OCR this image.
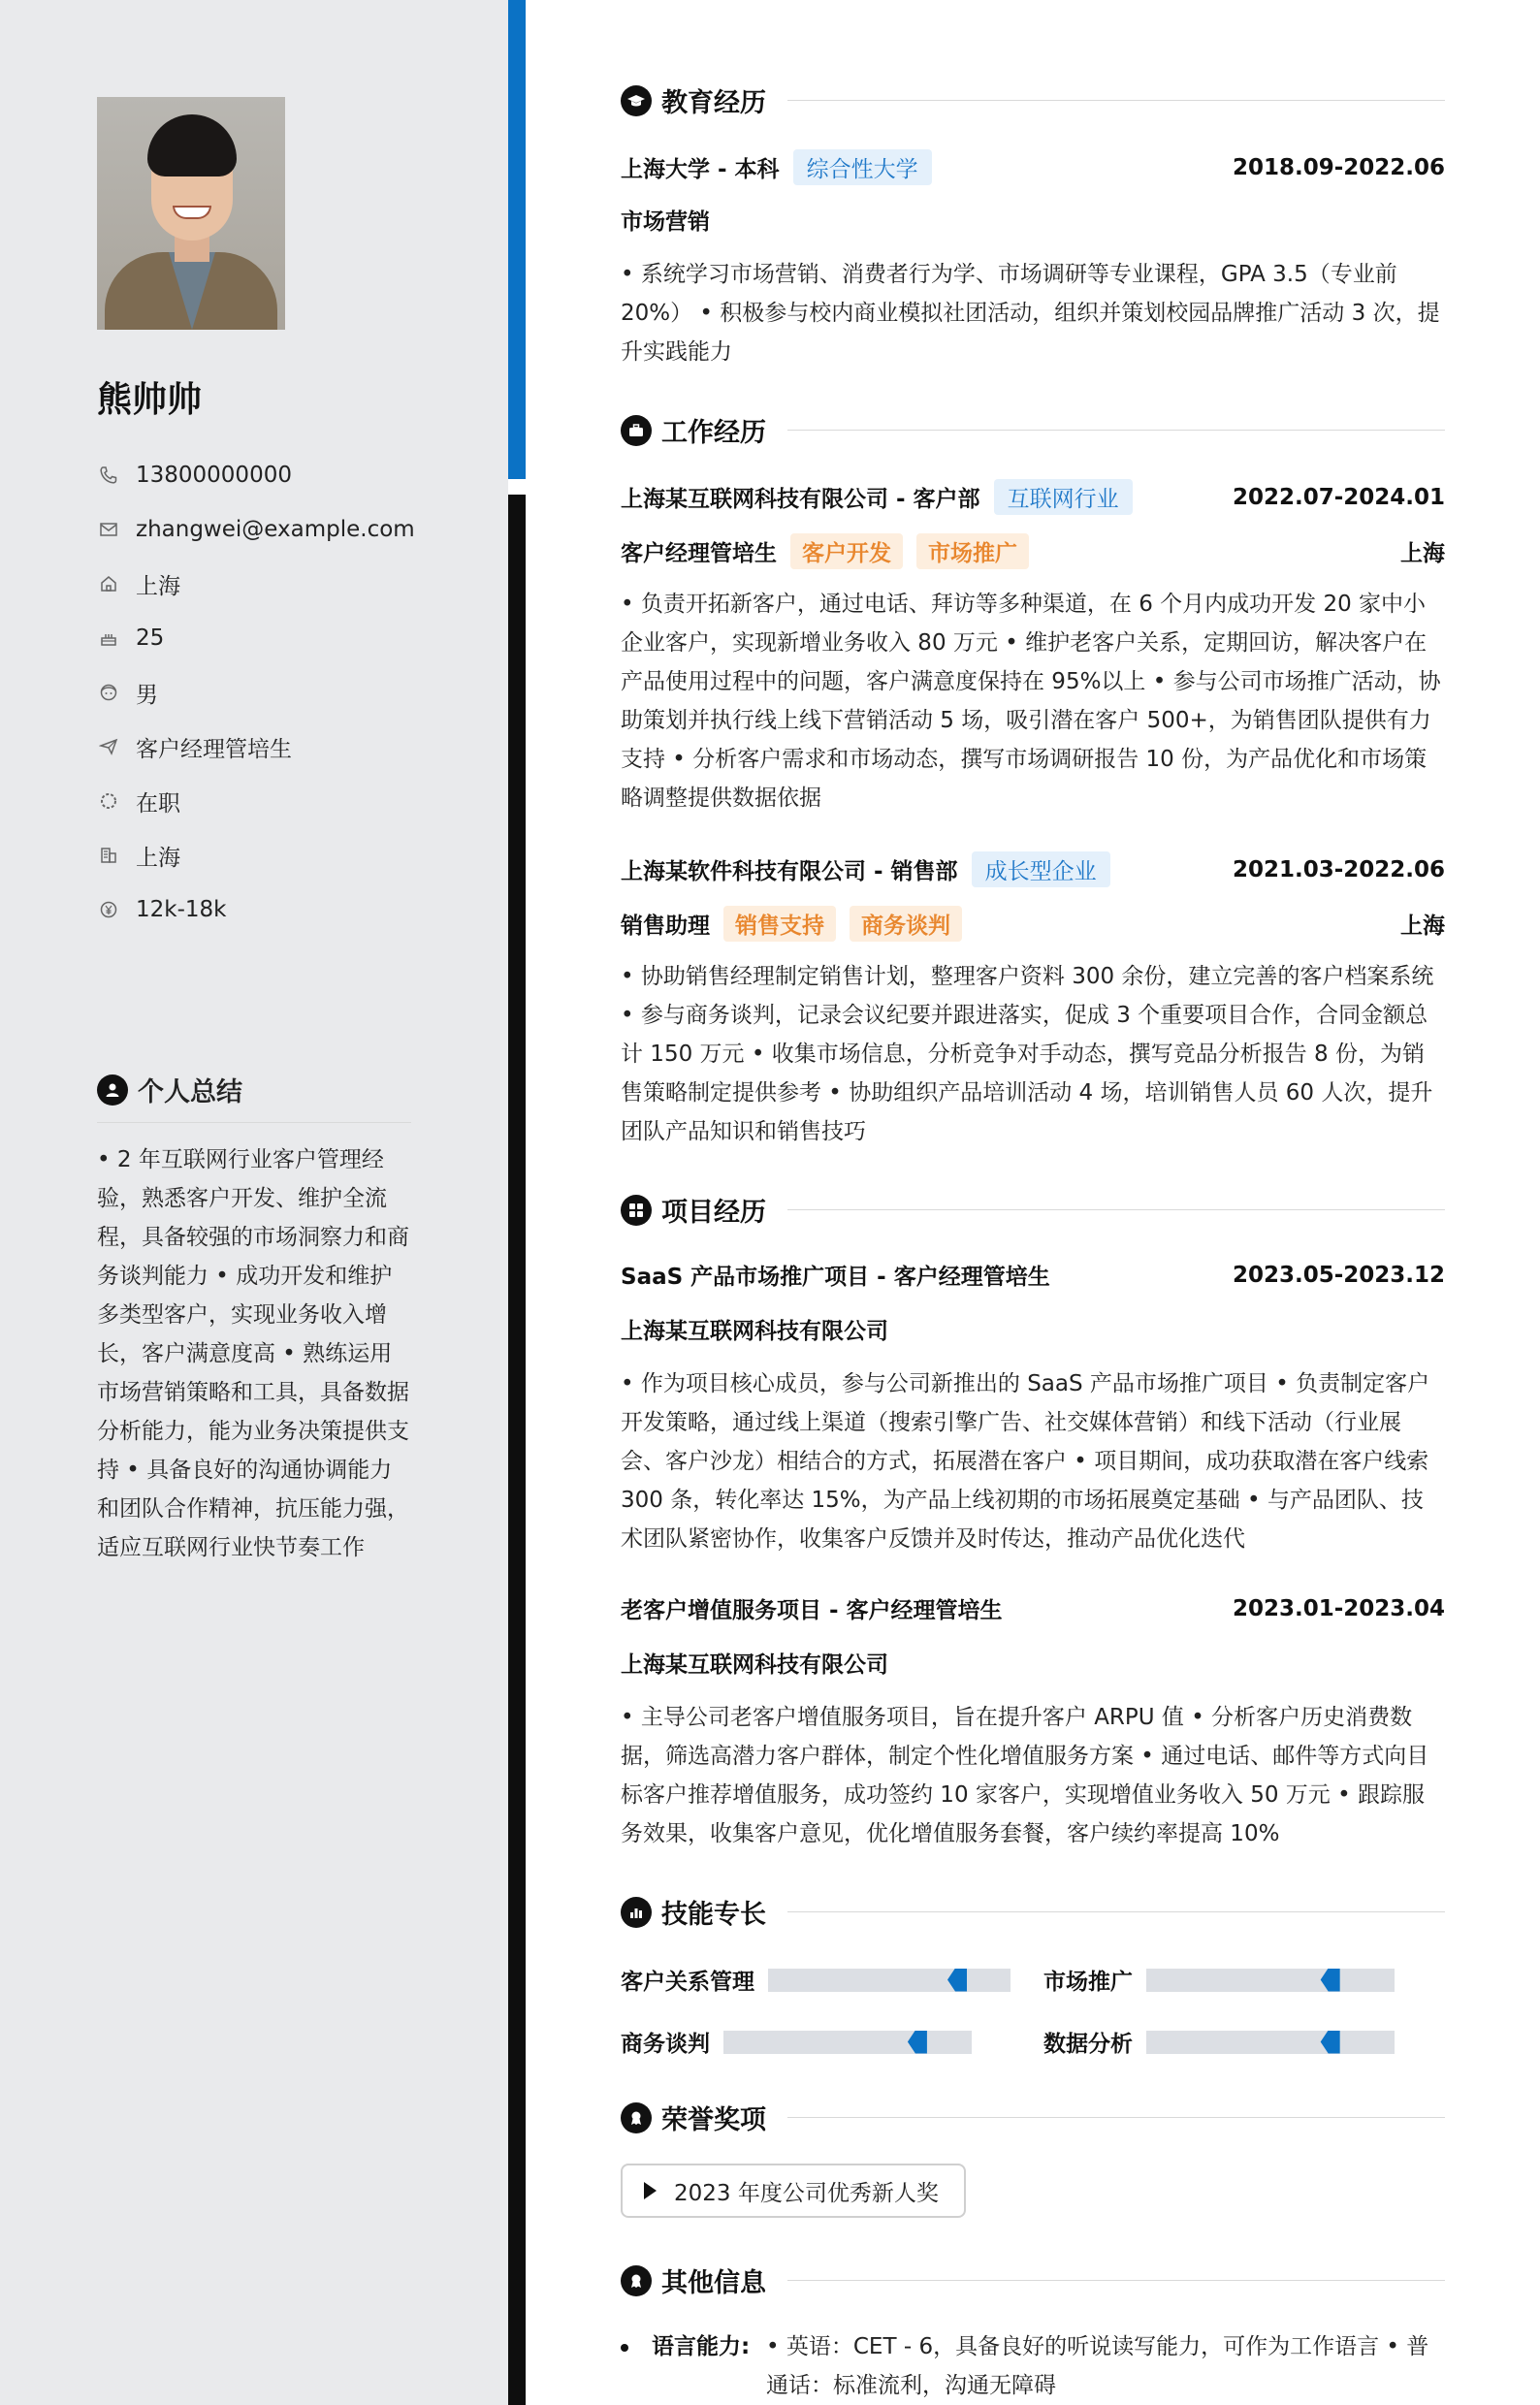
熊帅帅
13800000000
zhangwei@example.com
上海
25
男
客户经理管培生
在职
上海
12k-18k
个人总结
• 2 年互联网行业客户管理经验，熟悉客户开发、维护全流程，具备较强的市场洞察力和商务谈判能力 • 成功开发和维护多类型客户，实现业务收入增长，客户满意度高 • 熟练运用市场营销策略和工具，具备数据分析能力，能为业务决策提供支持 • 具备良好的沟通协调能力和团队合作精神，抗压能力强，适应互联网行业快节奏工作
教育经历
上海大学 - 本科	综合性大学	2018.09-2022.06
市场营销
• 系统学习市场营销、消费者行为学、市场调研等专业课程，GPA 3.5（专业前 20%） • 积极参与校内商业模拟社团活动，组织并策划校园品牌推广活动 3 次，提升实践能力
工作经历
上海某互联网科技有限公司 - 客户部	互联网行业	2022.07-2024.01
客户经理管培生	客户开发	市场推广	上海
• 负责开拓新客户，通过电话、拜访等多种渠道，在 6 个月内成功开发 20 家中小企业客户，实现新增业务收入 80 万元 • 维护老客户关系，定期回访，解决客户在产品使用过程中的问题，客户满意度保持在 95%以上 • 参与公司市场推广活动，协助策划并执行线上线下营销活动 5 场，吸引潜在客户 500+，为销售团队提供有力支持 • 分析客户需求和市场动态，撰写市场调研报告 10 份，为产品优化和市场策略调整提供数据依据
上海某软件科技有限公司 - 销售部	成长型企业	2021.03-2022.06
销售助理	销售支持	商务谈判	上海
• 协助销售经理制定销售计划，整理客户资料 300 余份，建立完善的客户档案系统 • 参与商务谈判，记录会议纪要并跟进落实，促成 3 个重要项目合作，合同金额总计 150 万元 • 收集市场信息，分析竞争对手动态，撰写竞品分析报告 8 份，为销售策略制定提供参考 • 协助组织产品培训活动 4 场，培训销售人员 60 人次，提升团队产品知识和销售技巧
项目经历
SaaS 产品市场推广项目 - 客户经理管培生	2023.05-2023.12
上海某互联网科技有限公司
• 作为项目核心成员，参与公司新推出的 SaaS 产品市场推广项目 • 负责制定客户开发策略，通过线上渠道（搜索引擎广告、社交媒体营销）和线下活动（行业展会、客户沙龙）相结合的方式，拓展潜在客户 • 项目期间，成功获取潜在客户线索 300 条，转化率达 15%，为产品上线初期的市场拓展奠定基础 • 与产品团队、技术团队紧密协作，收集客户反馈并及时传达，推动产品优化迭代
老客户增值服务项目 - 客户经理管培生	2023.01-2023.04
上海某互联网科技有限公司
• 主导公司老客户增值服务项目，旨在提升客户 ARPU 值 • 分析客户历史消费数据，筛选高潜力客户群体，制定个性化增值服务方案 • 通过电话、邮件等方式向目标客户推荐增值服务，成功签约 10 家客户，实现增值业务收入 50 万元 • 跟踪服务效果，收集客户意见，优化增值服务套餐，客户续约率提高 10%
技能专长
客户关系管理	市场推广
商务谈判	数据分析
荣誉奖项
2023 年度公司优秀新人奖
其他信息
语言能力: • 英语：CET - 6，具备良好的听说读写能力，可作为工作语言 • 普通话：标准流利，沟通无障碍
